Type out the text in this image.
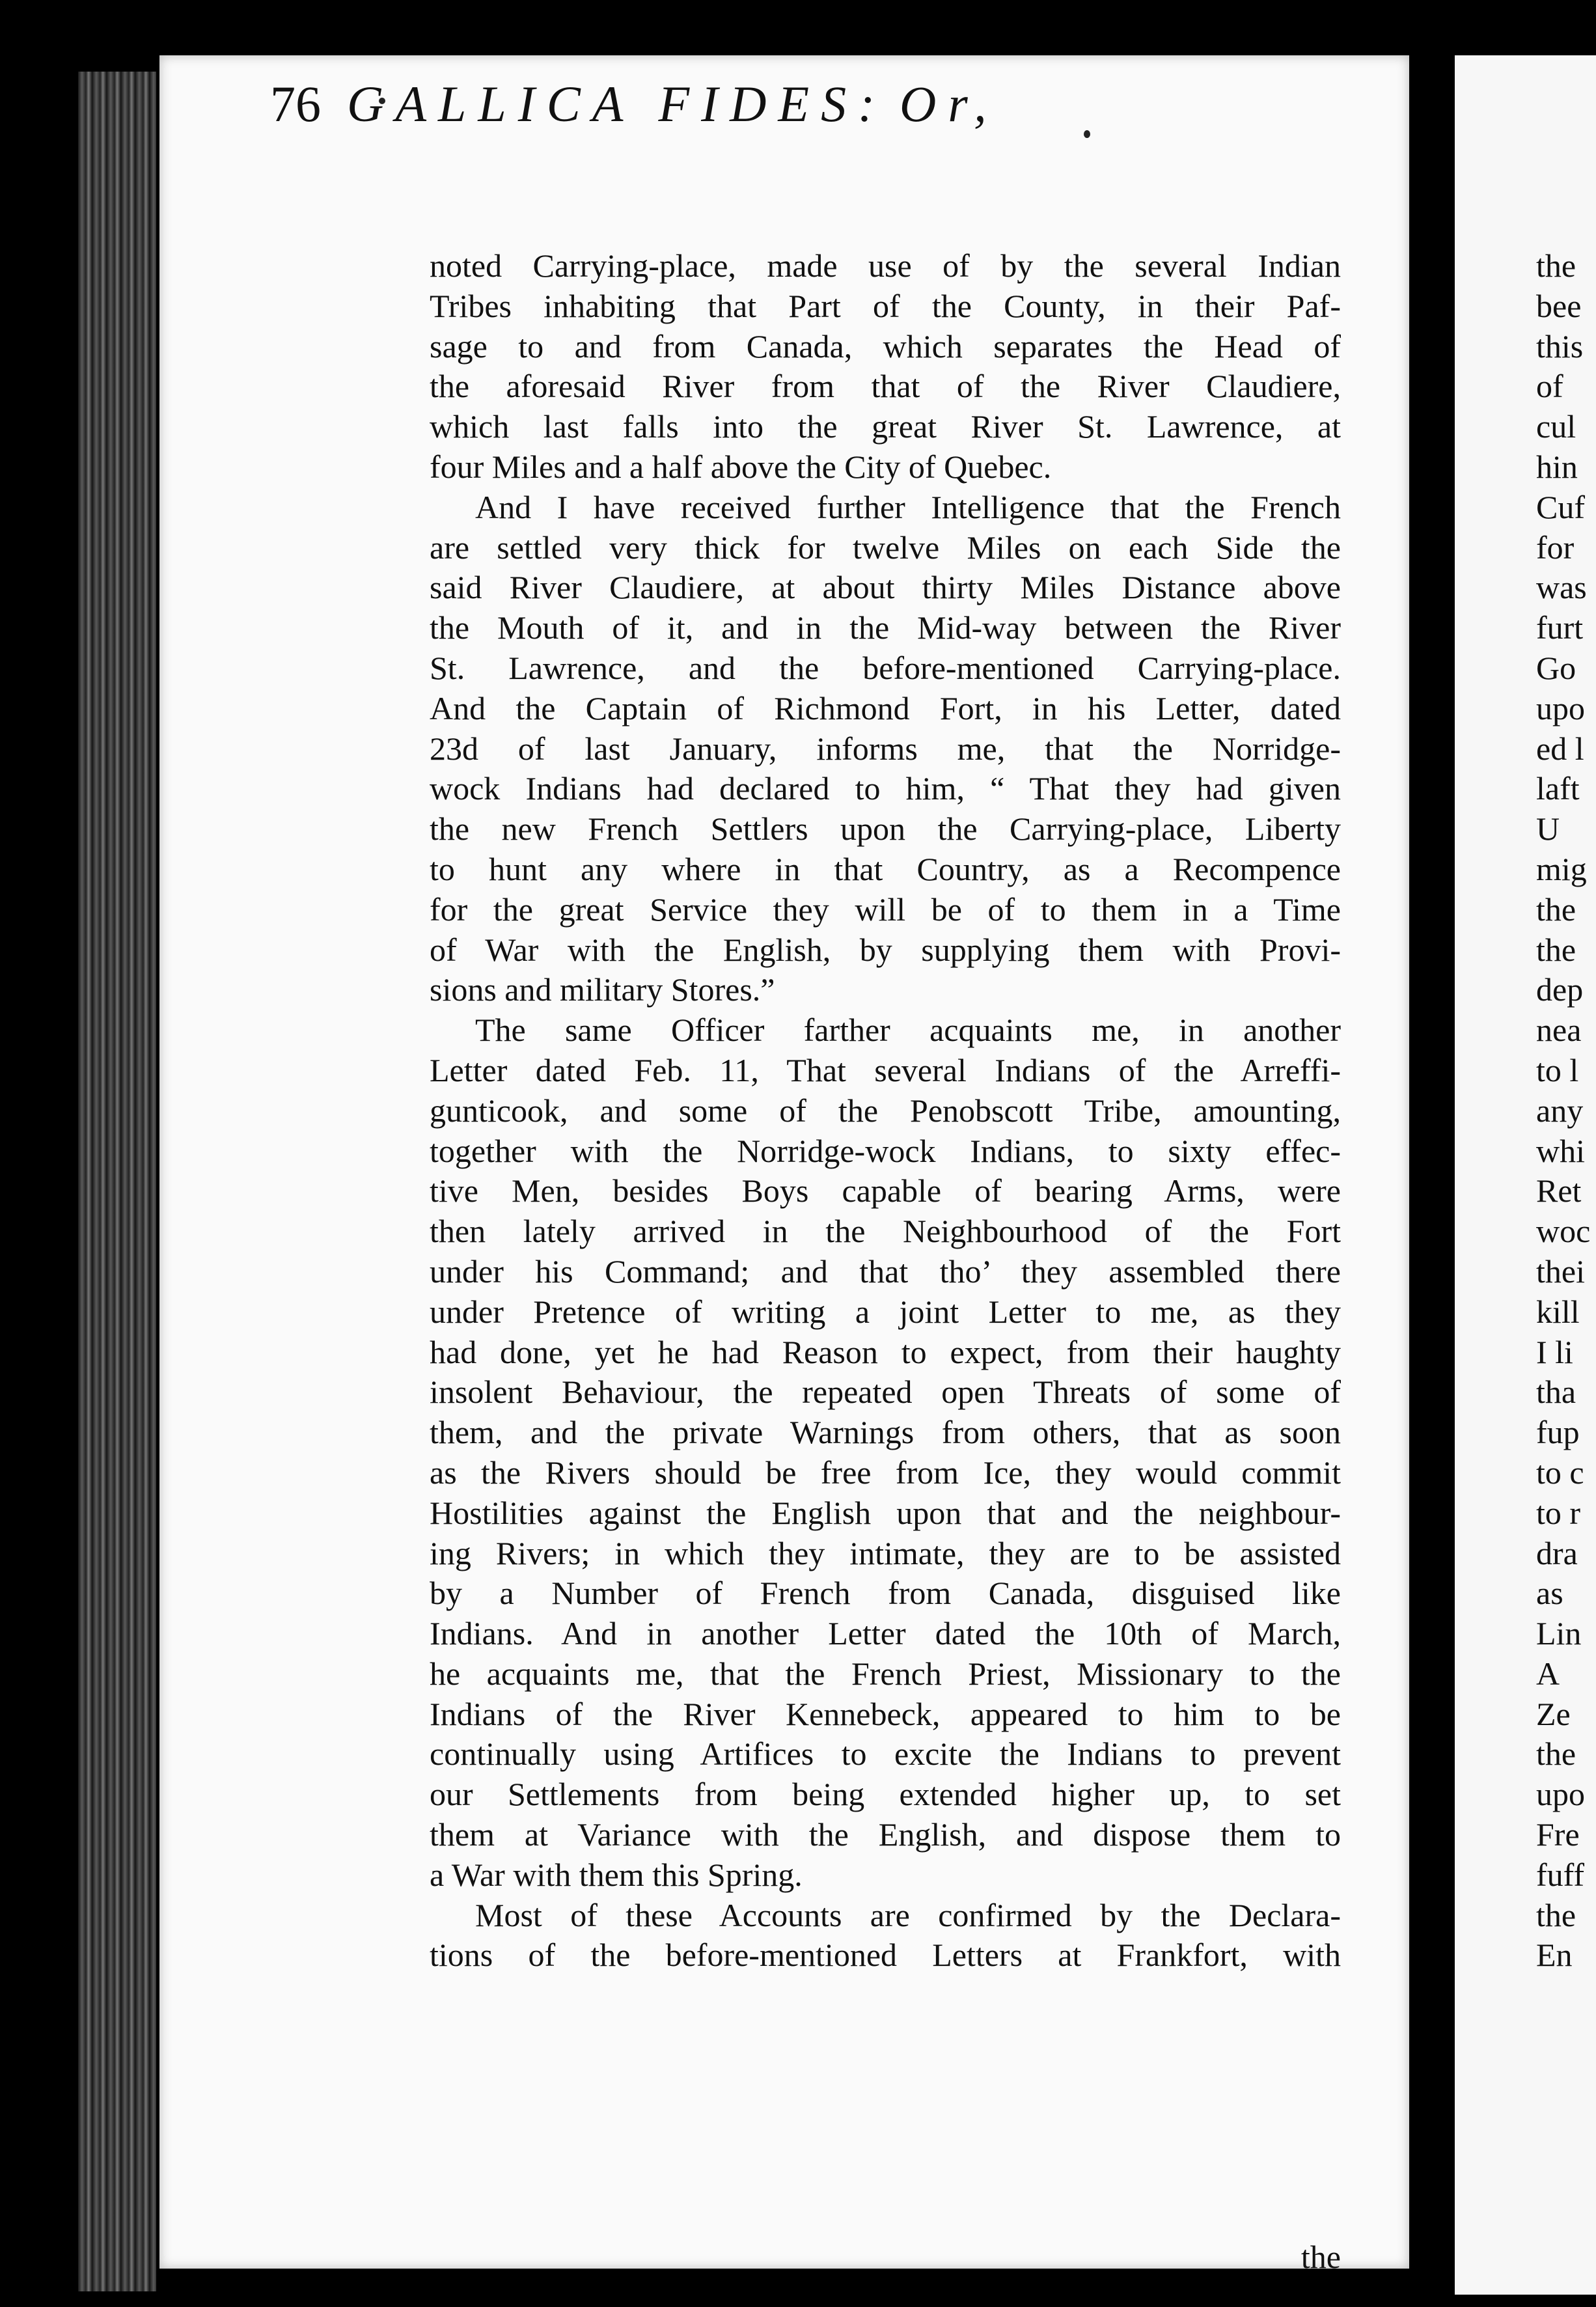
76 GALLICA FIDES: Or,
noted Carrying-place, made use of by the several Indian
Tribes inhabiting that Part of the County, in their Paf-
sage to and from Canada, which separates the Head of
the aforesaid River from that of the River Claudiere,
which last falls into the great River St. Lawrence, at
four Miles and a half above the City of Quebec.
And I have received further Intelligence that the French
are settled very thick for twelve Miles on each Side the
said River Claudiere, at about thirty Miles Distance above
the Mouth of it, and in the Mid-way between the River
St. Lawrence, and the before-mentioned Carrying-place.
And the Captain of Richmond Fort, in his Letter, dated
23d of last January, informs me, that the Norridge-
wock Indians had declared to him, “ That they had given
the new French Settlers upon the Carrying-place, Liberty
to hunt any where in that Country, as a Recompence
for the great Service they will be of to them in a Time
of War with the English, by supplying them with Provi-
sions and military Stores.”
The same Officer farther acquaints me, in another
Letter dated Feb. 11, That several Indians of the Arreffi-
gunticook, and some of the Penobscott Tribe, amounting,
together with the Norridge-wock Indians, to sixty effec-
tive Men, besides Boys capable of bearing Arms, were
then lately arrived in the Neighbourhood of the Fort
under his Command; and that tho’ they assembled there
under Pretence of writing a joint Letter to me, as they
had done, yet he had Reason to expect, from their haughty
insolent Behaviour, the repeated open Threats of some of
them, and the private Warnings from others, that as soon
as the Rivers should be free from Ice, they would commit
Hostilities against the English upon that and the neighbour-
ing Rivers; in which they intimate, they are to be assisted
by a Number of French from Canada, disguised like
Indians. And in another Letter dated the 10th of March,
he acquaints me, that the French Priest, Missionary to the
Indians of the River Kennebeck, appeared to him to be
continually using Artifices to excite the Indians to prevent
our Settlements from being extended higher up, to set
them at Variance with the English, and dispose them to
a War with them this Spring.
Most of these Accounts are confirmed by the Declara-
tions of the before-mentioned Letters at Frankfort, with
the
the
bee
this
of
cul
hin
Cuf
for
was
furt
Go
upo
ed l
laft
U
mig
the
the
dep
nea
to l
any
whi
Ret
woc
thei
kill
I li
tha
fup
to c
to r
dra
as
Lin
A
Ze
the
upo
Fre
fuff
the
En
